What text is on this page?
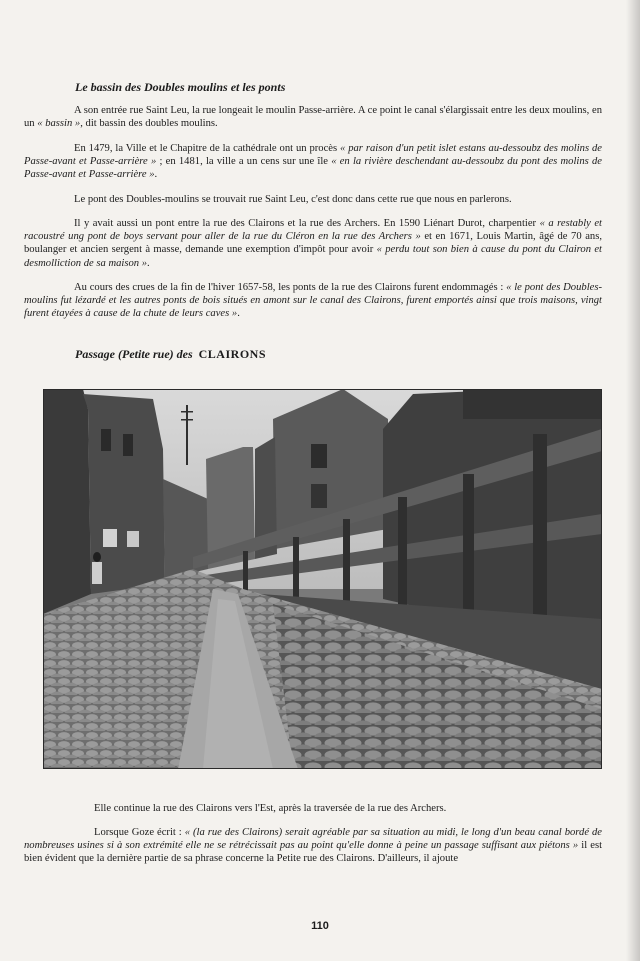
Le bassin des Doubles moulins et les ponts

A son entrée rue Saint Leu, la rue longeait le moulin Passe-arrière. A ce point le canal s'élargissait entre les deux moulins, en un « bassin », dit bassin des doubles moulins.

En 1479, la Ville et le Chapitre de la cathédrale ont un procès « par raison d'un petit islet estans au-dessoubz des molins de Passe-avant et Passe-arrière » ; en 1481, la ville a un cens sur une île « en la rivière deschendant au-dessoubz du pont des molins de Passe-avant et Passe-arrière ».

Le pont des Doubles-moulins se trouvait rue Saint Leu, c'est donc dans cette rue que nous en parlerons.

Il y avait aussi un pont entre la rue des Clairons et la rue des Archers. En 1590 Liénart Durot, charpentier « a restably et racoustré ung pont de boys servant pour aller de la rue du Cléron en la rue des Archers » et en 1671, Louis Martin, âgé de 70 ans, boulanger et ancien sergent à masse, demande une exemption d'impôt pour avoir « perdu tout son bien à cause du pont du Clairon et desmolliction de sa maison ».

Au cours des crues de la fin de l'hiver 1657-58, les ponts de la rue des Clairons furent endommagés : « le pont des Doubles-moulins fut lézardé et les autres ponts de bois situés en amont sur le canal des Clairons, furent emportés ainsi que trois maisons, vingt furent étayées à cause de la chute de leurs caves ».

Passage (Petite rue) des CLAIRONS

Elle continue la rue des Clairons vers l'Est, après la traversée de la rue des Archers.

Lorsque Goze écrit : « (la rue des Clairons) serait agréable par sa situation au midi, le long d'un beau canal bordé de nombreuses usines si à son extrémité elle ne se rétrécissait pas au point qu'elle donne à peine un passage suffisant aux piétons » il est bien évident que la dernière partie de sa phrase concerne la Petite rue des Clairons. D'ailleurs, il ajoute

110
